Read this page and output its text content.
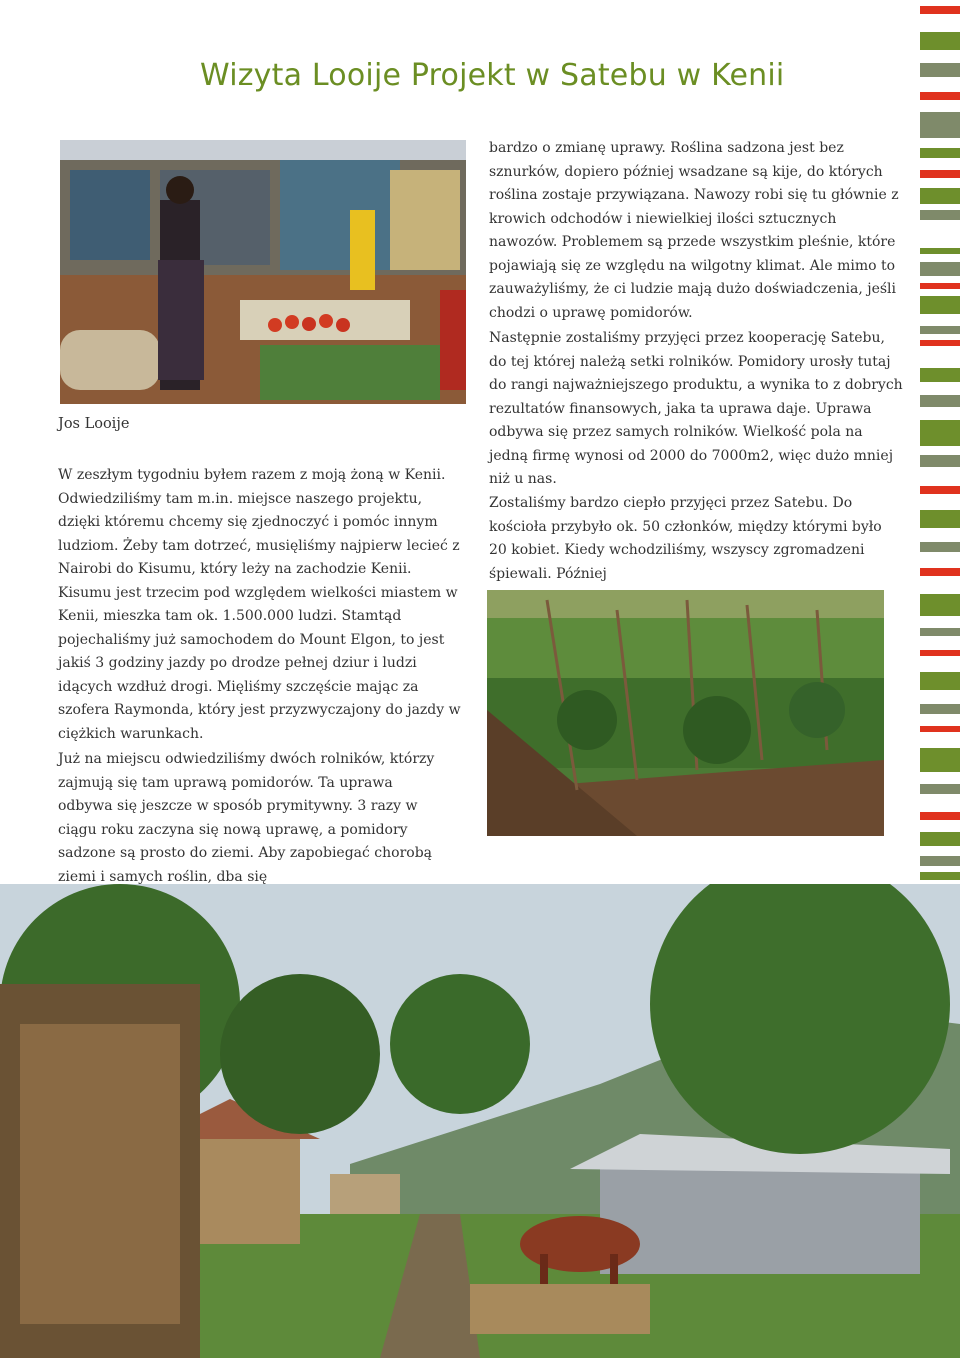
Wizyta Looije Projekt w Satebu w Kenii

Jos Looije

W zeszłym tygodniu byłem razem z moją żoną w Kenii. Odwiedziliśmy tam m.in. miejsce naszego projektu, dzięki któremu chcemy się zjednoczyć i pomóc innym ludziom. Żeby tam dotrzeć, musięliśmy najpierw lecieć z Nairobi do Kisumu, który leży na zachodzie Kenii. Kisumu jest trzecim pod względem wielkości miastem w Kenii, mieszka tam ok. 1.500.000 ludzi. Stamtąd pojechaliśmy już samochodem do Mount Elgon, to jest jakiś 3 godziny jazdy po drodze pełnej dziur i ludzi idących wzdłuż drogi. Mięliśmy szczęście mając za szofera Raymonda, który jest przyzwyczajony do jazdy w ciężkich warunkach.

Już na miejscu odwiedziliśmy dwóch rolników, którzy zajmują się tam uprawą pomidorów. Ta uprawa odbywa się jeszcze w sposób prymitywny. 3 razy w ciągu roku zaczyna się nową uprawę, a pomidory sadzone są prosto do ziemi. Aby zapobiegać chorobą ziemi i samych roślin, dba się

bardzo o zmianę uprawy. Roślina sadzona jest bez sznurków, dopiero później wsadzane są kije, do których roślina zostaje przywiązana. Nawozy robi się tu głównie z krowich odchodów i niewielkiej ilości sztucznych nawozów. Problemem są przede wszystkim pleśnie, które pojawiają się ze względu na wilgotny klimat. Ale mimo to zauważyliśmy, że ci ludzie mają dużo doświadczenia, jeśli chodzi o uprawę pomidorów.

Następnie zostaliśmy przyjęci przez kooperację Satebu, do tej której należą setki rolników. Pomidory urosły tutaj do rangi najważniejszego produktu, a wynika to z dobrych rezultatów finansowych, jaka ta uprawa daje. Uprawa odbywa się przez samych rolników. Wielkość pola na jedną firmę wynosi od 2000 do 7000m2, więc dużo mniej niż u nas.

Zostaliśmy bardzo ciepło przyjęci przez Satebu. Do kościoła przybyło ok. 50 członków, między którymi było 20 kobiet. Kiedy wchodziliśmy, wszyscy zgromadzeni śpiewali. Później
